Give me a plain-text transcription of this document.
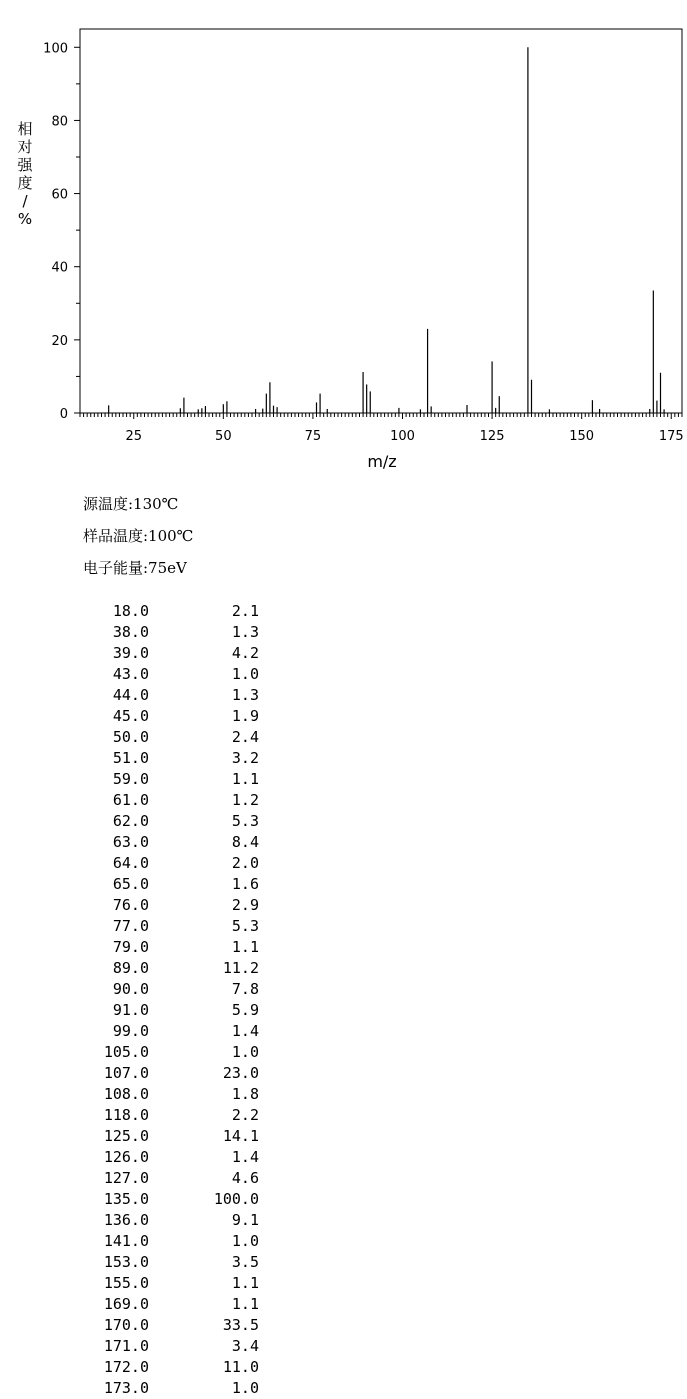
25	50	75	100	125	150	175
0
20
40
60
80
100
m/z
相对强度/ %
源温度:130℃
样品温度:100℃
电子能量:75eV
18.0	2.1
38.0	1.3
39.0	4.2
43.0	1.0
44.0	1.3
45.0	1.9
50.0	2.4
51.0	3.2
59.0	1.1
61.0	1.2
62.0	5.3
63.0	8.4
64.0	2.0
65.0	1.6
76.0	2.9
77.0	5.3
79.0	1.1
89.0	11.2
90.0	7.8
91.0	5.9
99.0	1.4
105.0	1.0
107.0	23.0
108.0	1.8
118.0	2.2
125.0	14.1
126.0	1.4
127.0	4.6
135.0	100.0
136.0	9.1
141.0	1.0
153.0	3.5
155.0	1.1
169.0	1.1
170.0	33.5
171.0	3.4
172.0	11.0
173.0	1.0
